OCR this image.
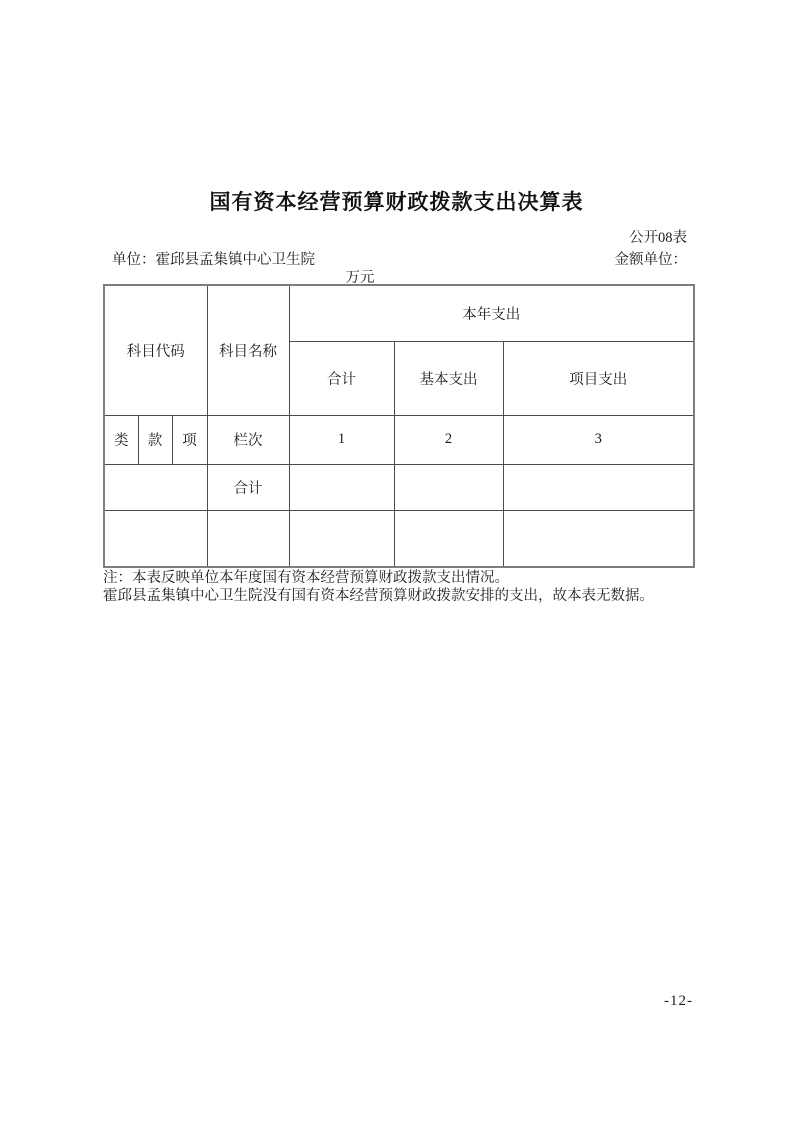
国有资本经营预算财政拨款支出决算表
公开08表
单位：霍邱县孟集镇中心卫生院	金额单位：
万元
科目代码			科目名称	本年支出		
				合计	基本支出	项目支出
类	款	项	栏次	1	2	3
			合计			

注：本表反映单位本年度国有资本经营预算财政拨款支出情况。
霍邱县孟集镇中心卫生院没有国有资本经营预算财政拨款安排的支出，故本表无数据。
-12-
